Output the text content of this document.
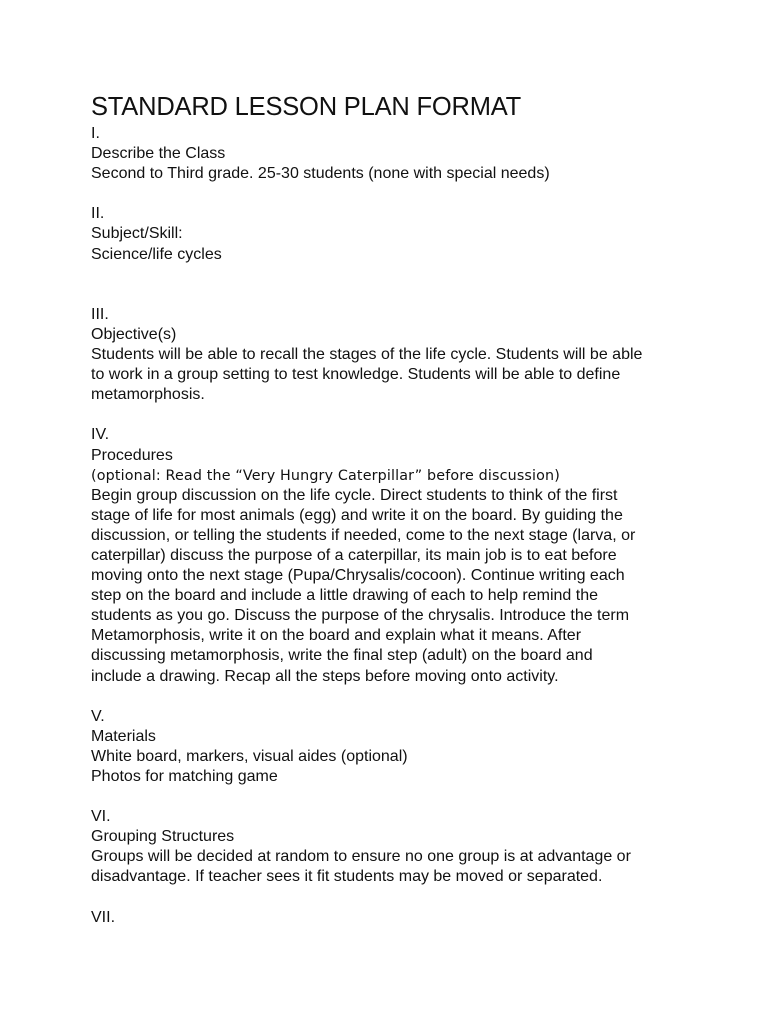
STANDARD LESSON PLAN FORMAT

I.

Describe the Class

Second to Third grade. 25-30 students (none with special needs)

II.

Subject/Skill:

Science/life cycles

III.

Objective(s)

Students will be able to recall the stages of the life cycle. Students will be able

to work in a group setting to test knowledge. Students will be able to define

metamorphosis.

IV.

Procedures

(optional: Read the “Very Hungry Caterpillar” before discussion)

Begin group discussion on the life cycle. Direct students to think of the first

stage of life for most animals (egg) and write it on the board. By guiding the

discussion, or telling the students if needed, come to the next stage (larva, or

caterpillar) discuss the purpose of a caterpillar, its main job is to eat before

moving onto the next stage (Pupa/Chrysalis/cocoon). Continue writing each

step on the board and include a little drawing of each to help remind the

students as you go. Discuss the purpose of the chrysalis. Introduce the term

Metamorphosis, write it on the board and explain what it means. After

discussing metamorphosis, write the final step (adult) on the board and

include a drawing. Recap all the steps before moving onto activity.

V.

Materials

White board, markers, visual aides (optional)

Photos for matching game

VI.

Grouping Structures

Groups will be decided at random to ensure no one group is at advantage or

disadvantage. If teacher sees it fit students may be moved or separated.

VII.
